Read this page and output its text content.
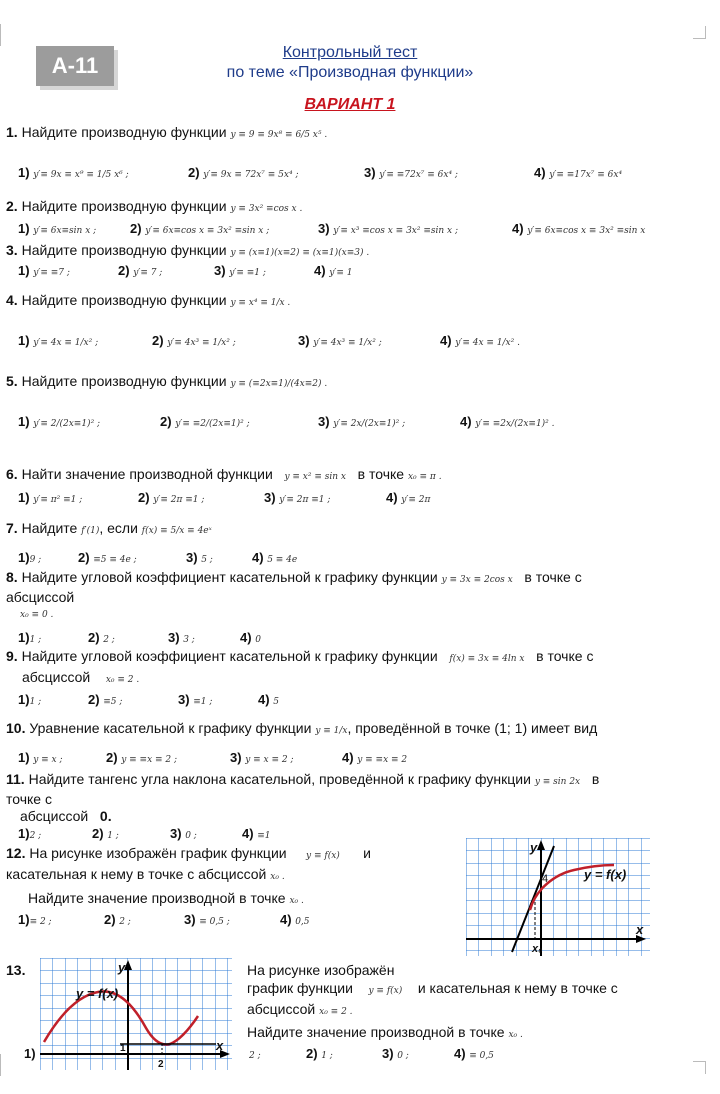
А-11
Контрольный тест
по теме «Производная функции»
ВАРИАНТ 1
1. Найдите производную функции y ≡ 9 ≡ 9x⁸ ≡ 6/5 x⁵ .
1) y′≡ 9x ≡ x⁹ ≡ 1/5 x⁶ ;	2) y′≡ 9x ≡ 72x⁷ ≡ 5x⁴ ;	3) y′≡ ≡72x⁷ ≡ 6x⁴ ;	4) y′≡ ≡17x⁷ ≡ 6x⁴
2. Найдите производную функции y ≡ 3x² ≡cos x .
1) y′≡ 6x≡sin x ;	2) y′≡ 6x≡cos x ≡ 3x² ≡sin x ;	3) y′≡ x³ ≡cos x ≡ 3x² ≡sin x ;	4) y′≡ 6x≡cos x ≡ 3x² ≡sin x
3. Найдите производную функции y ≡ (x≡1)(x≡2) ≡ (x≡1)(x≡3) .
1) y′≡ ≡7 ;	2) y′≡ 7 ;	3) y′≡ ≡1 ;	4) y′≡ 1
4. Найдите производную функции y ≡ x⁴ ≡ 1/x .
1) y′≡ 4x ≡ 1/x² ;	2) y′≡ 4x³ ≡ 1/x² ;	3) y′≡ 4x³ ≡ 1/x² ;	4) y′≡ 4x ≡ 1/x² .
5. Найдите производную функции y ≡ (≡2x≡1)/(4x≡2) .
1) y′≡ 2/(2x≡1)² ;	2) y′≡ ≡2/(2x≡1)² ;	3) y′≡ 2x/(2x≡1)² ;	4) y′≡ ≡2x/(2x≡1)² .
6. Найти значение производной функции y ≡ x² ≡ sin x в точке x₀ ≡ π .
1) y′≡ π² ≡1 ;	2) y′≡ 2π ≡1 ;	3) y′≡ 2π ≡1 ;	4) y′≡ 2π
7. Найдите f′(1), если f(x) ≡ 5/x ≡ 4eˣ
1)9 ;	2) ≡5 ≡ 4e ;	3) 5 ;	4) 5 ≡ 4e
8. Найдите угловой коэффициент касательной к графику функции y ≡ 3x ≡ 2cos x в точке с
абсциссой
x₀ ≡ 0 .
1)1 ;	2) 2 ;	3) 3 ;	4) 0
9. Найдите угловой коэффициент касательной к графику функции f(x) ≡ 3x ≡ 4ln x в точке с
абсциссой x₀ ≡ 2 .
1)1 ;	2) ≡5 ;	3) ≡1 ;	4) 5
10. Уравнение касательной к графику функции y ≡ 1/x, проведённой в точке (1; 1) имеет вид
1) y ≡ x ;	2) y ≡ ≡x ≡ 2 ;	3) y ≡ x ≡ 2 ;	4) y ≡ ≡x ≡ 2
11. Найдите тангенс угла наклона касательной, проведённой к графику функции y ≡ sin 2x в
точке с
абсциссой 0.
1)2 ;	2) 1 ;	3) 0 ;	4) ≡1
12. На рисунке изображён график функции y ≡ f(x) и
касательная к нему в точке с абсциссой x₀ .
Найдите значение производной в точке x₀ .
1)≡ 2 ;	2) 2 ;	3) ≡ 0,5 ;	4) 0,5
y = f(x)
y
x
4
x₀
13.	На рисунке изображён
график функции y ≡ f(x) и касательная к нему в точке с
абсциссой x₀ ≡ 2 .
Найдите значение производной в точке x₀ .
1)	2 ;	2) 1 ;	3) 0 ;	4) ≡ 0,5
y = f(x)
y
x
1
2
